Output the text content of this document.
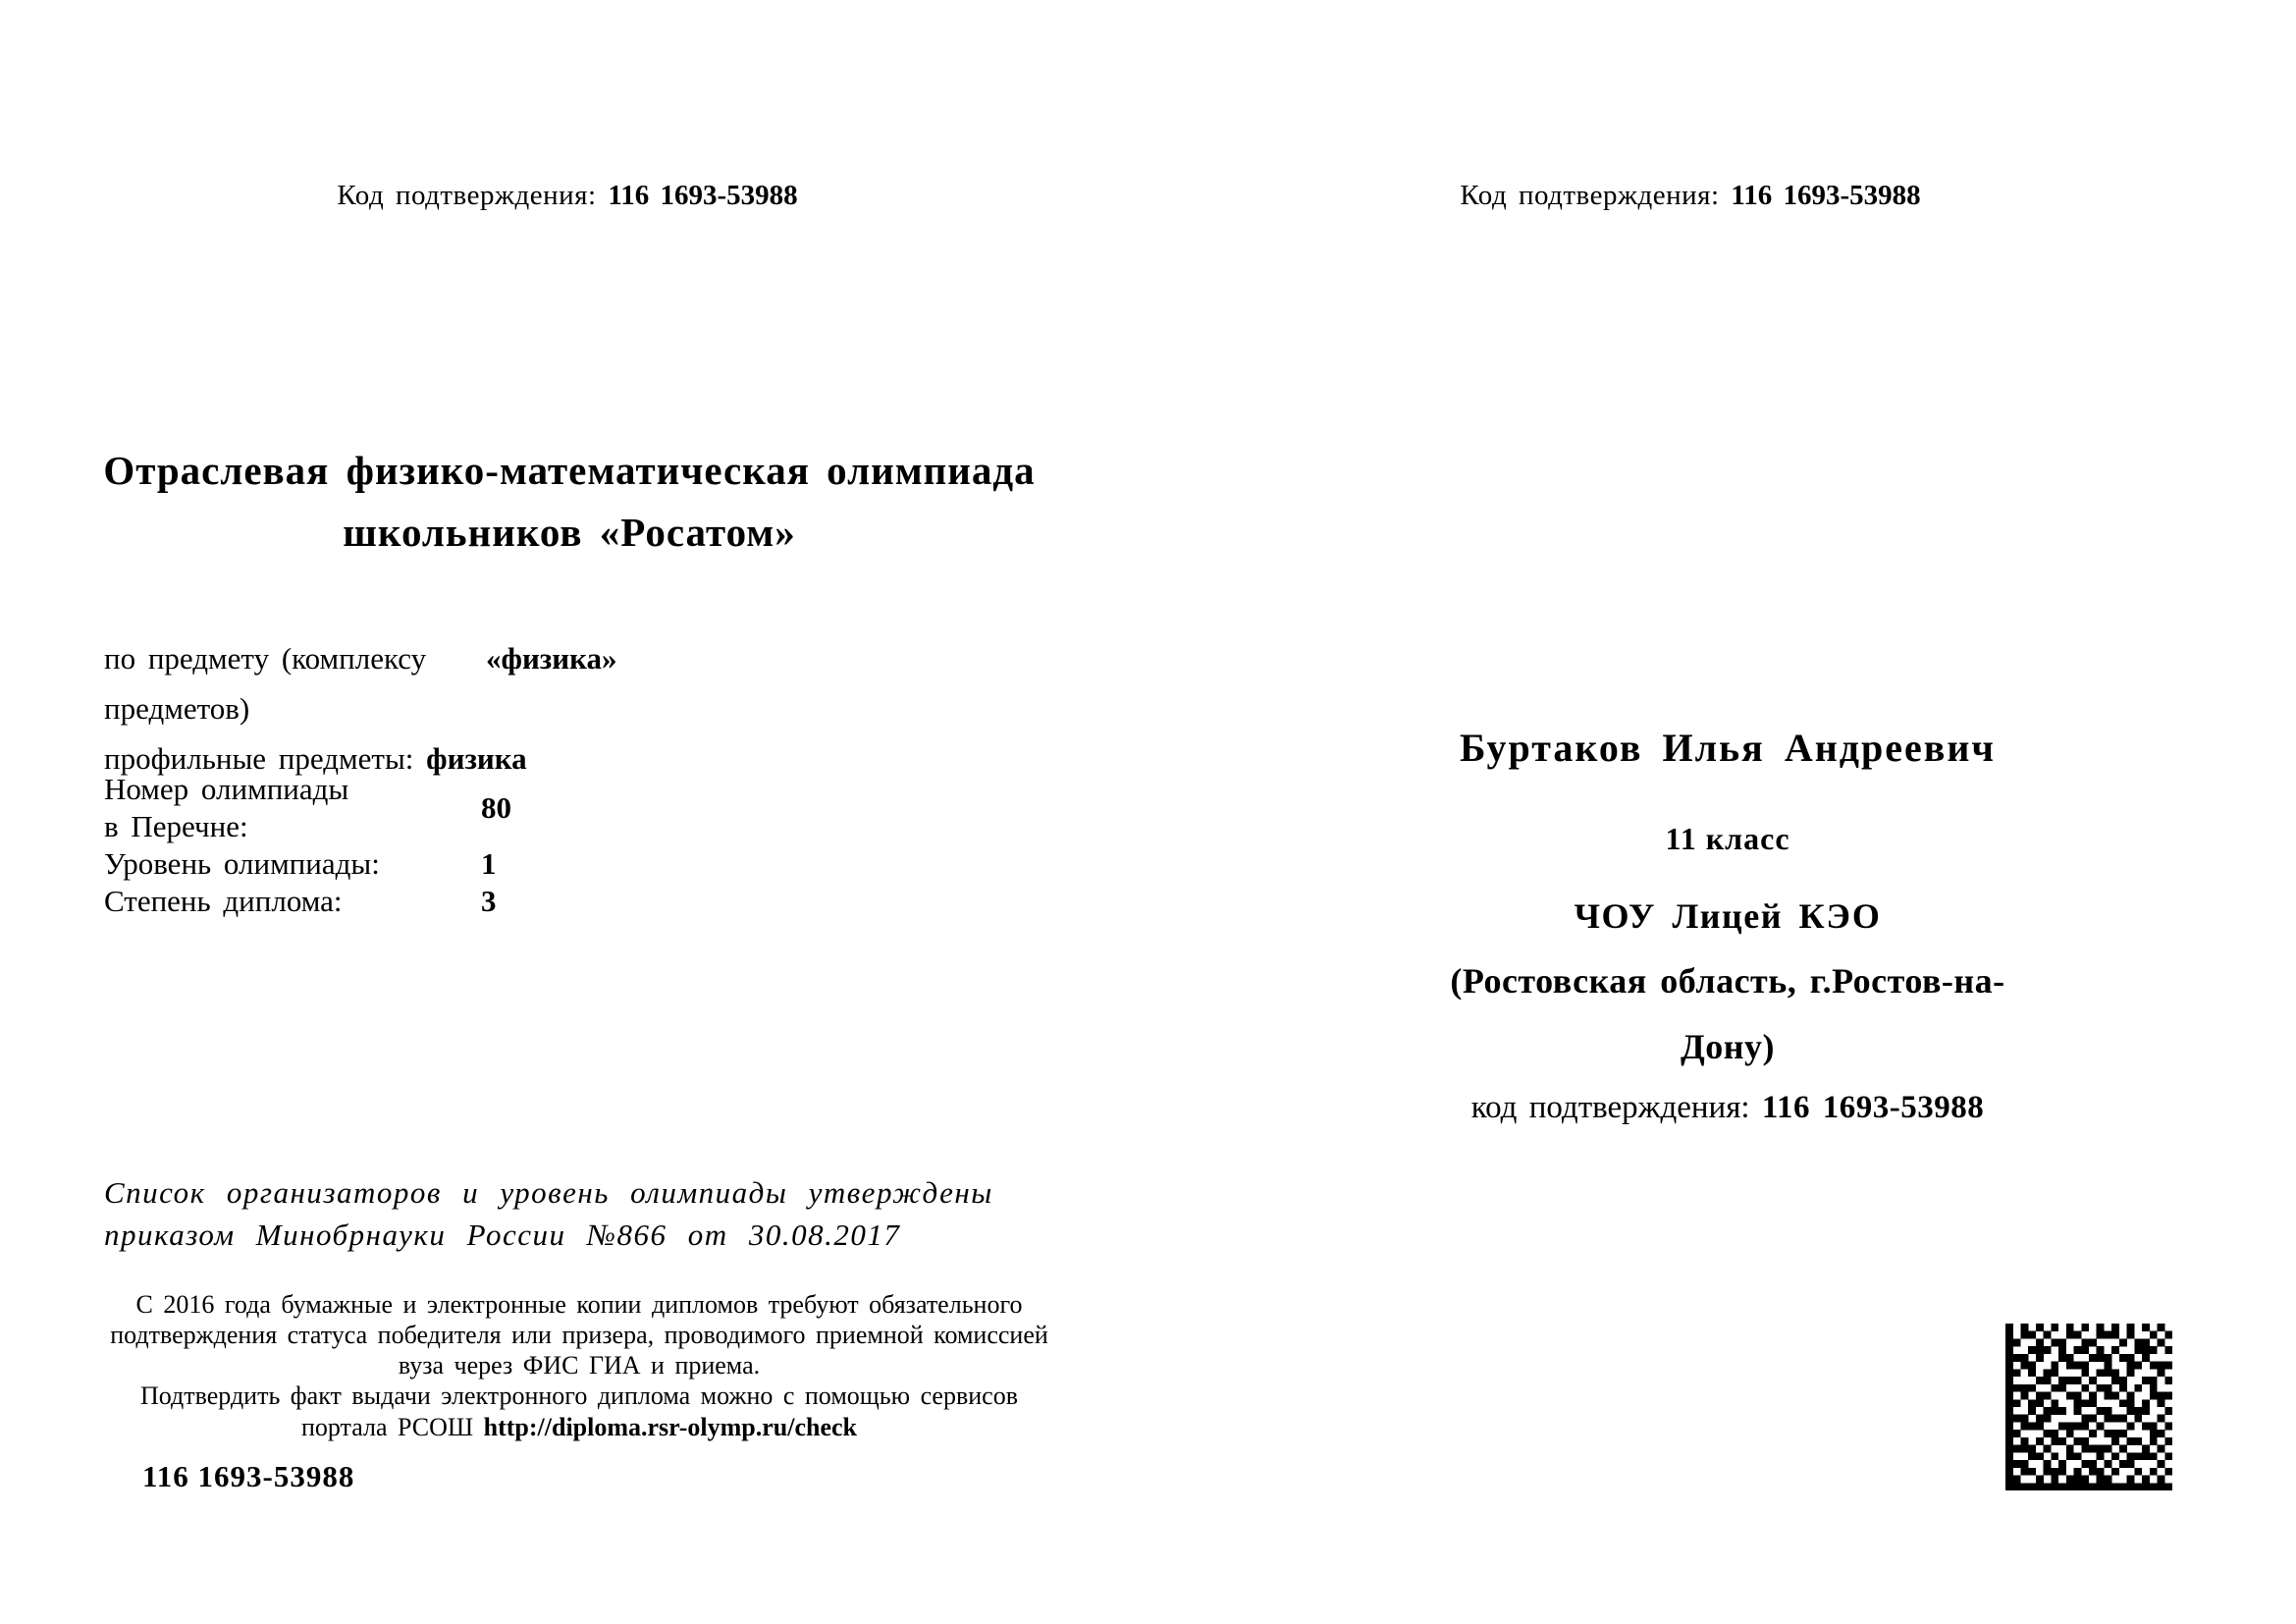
Код подтверждения: 116 1693-53988	Код подтверждения: 116 1693-53988
Отраслевая физико-математическая олимпиада
школьников «Росатом»
по предмету (комплексу «физика»
предметов)
профильные предметы: физика
Номер олимпиады
в Перечне:
80
Уровень олимпиады:	1
Степень диплома:	3
Список организаторов и уровень олимпиады утверждены
приказом Минобрнауки России №866 от 30.08.2017
С 2016 года бумажные и электронные копии дипломов требуют обязательного
подтверждения статуса победителя или призера, проводимого приемной комиссией
вуза через ФИС ГИА и приема.
Подтвердить факт выдачи электронного диплома можно с помощью сервисов
портала РСОШ http://diploma.rsr-olymp.ru/check
116 1693-53988
Буртаков Илья Андреевич
11 класс
ЧОУ Лицей КЭО
(Ростовская область, г.Ростов-на-
Дону)
код подтверждения: 116 1693-53988
